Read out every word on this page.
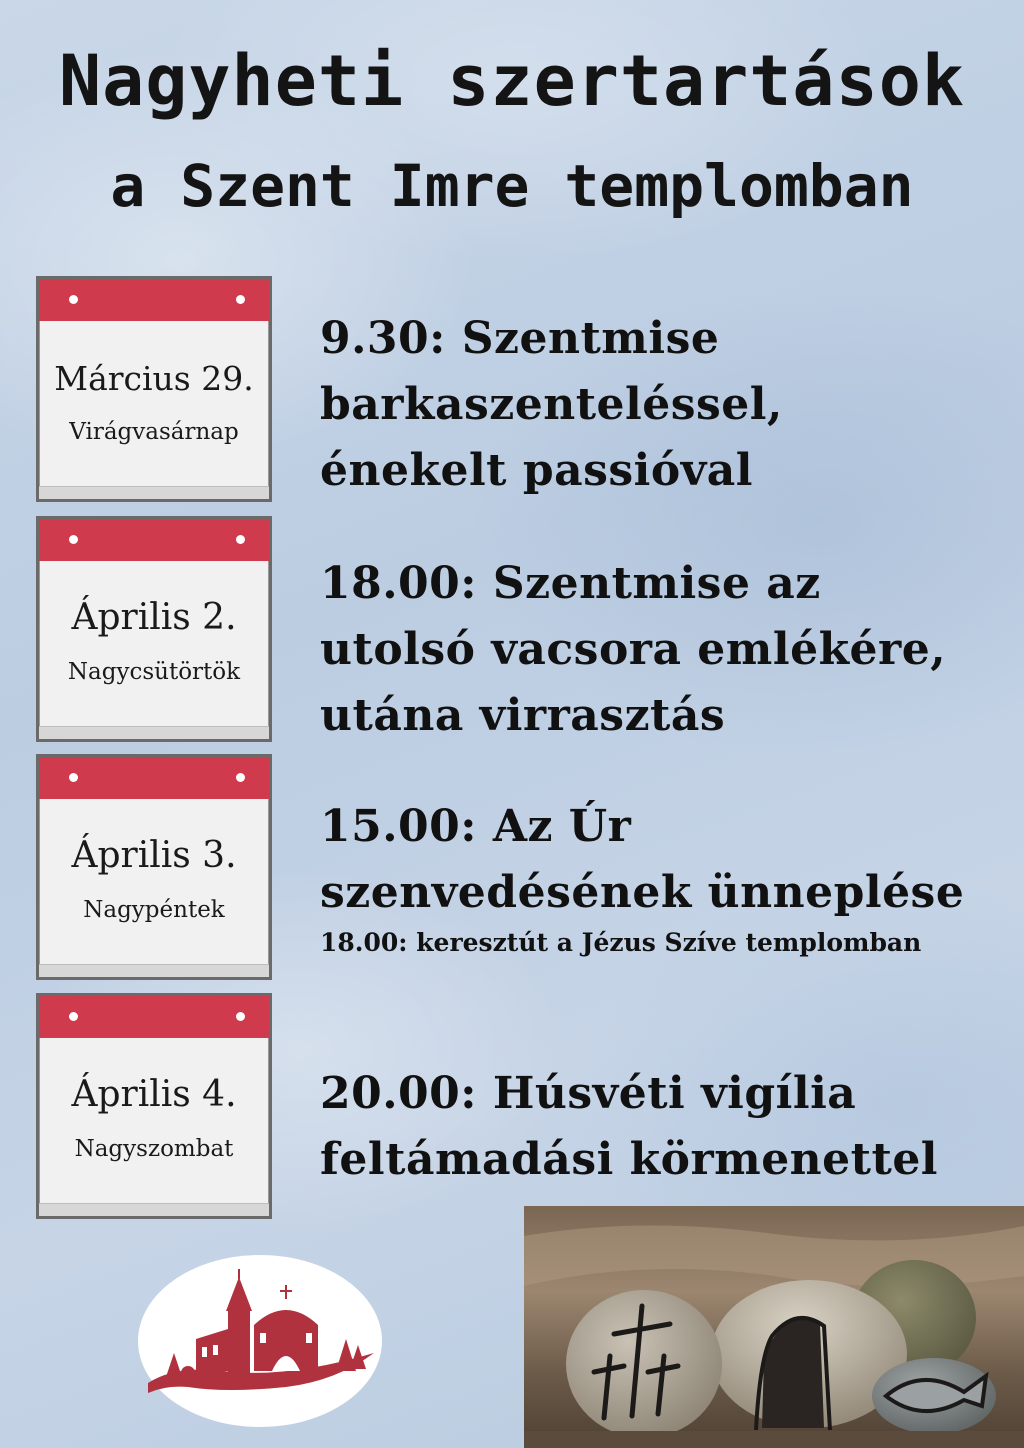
Nagyheti szertartások
a Szent Imre templomban
Március 29.
Virágvasárnap
9.30: Szentmise
barkaszenteléssel,
énekelt passióval
Április 2.
Nagycsütörtök
18.00: Szentmise az
utolsó vacsora emlékére,
utána virrasztás
Április 3.
Nagypéntek
15.00: Az Úr
szenvedésének ünneplése
18.00: keresztút a Jézus Szíve templomban
Április 4.
Nagyszombat
20.00: Húsvéti vigília
feltámadási körmenettel
